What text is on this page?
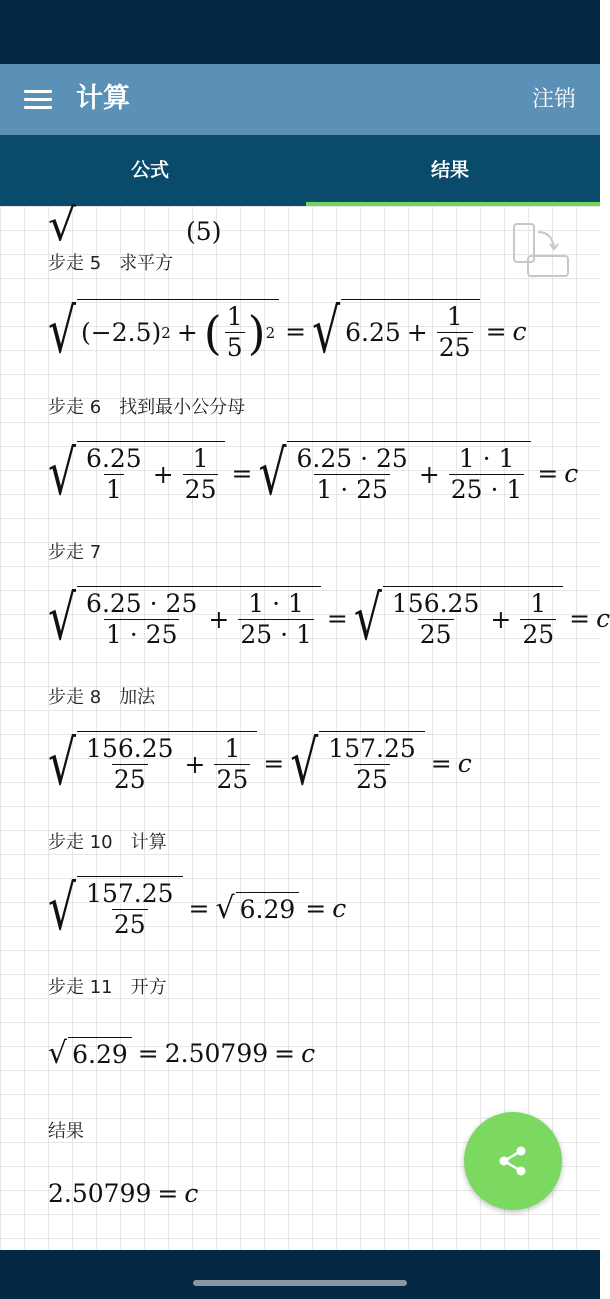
计算	注销
公式	结果
√	(5)
步走 5　求平方
√ (−2.5) 2 + ( $\frac{1}{5}$ ) 2 = √ $6.25 + \frac{1}{25} = c$
步走 6　找到最小公分母
√ $\frac{6.25}{1} + \frac{1}{25}$ = √ $\frac{6.25 \cdot 25}{1 \cdot 25} + \frac{1 \cdot 1}{25 \cdot 1} = c$
步走 7
√ $\frac{6.25 \cdot 25}{1 \cdot 25} + \frac{1 \cdot 1}{25 \cdot 1}$ = √ $\frac{156.25}{25} + \frac{1}{25} = c$
步走 8　加法
√ $\frac{156.25}{25} + \frac{1}{25}$ = √ $\frac{157.25}{25} = c$
步走 10　计算
√ $\frac{157.25}{25}$ = √ 6.29 = c
步走 11　开方
√ 6.29 = 2.50799 = c
结果
2.50799 = c
